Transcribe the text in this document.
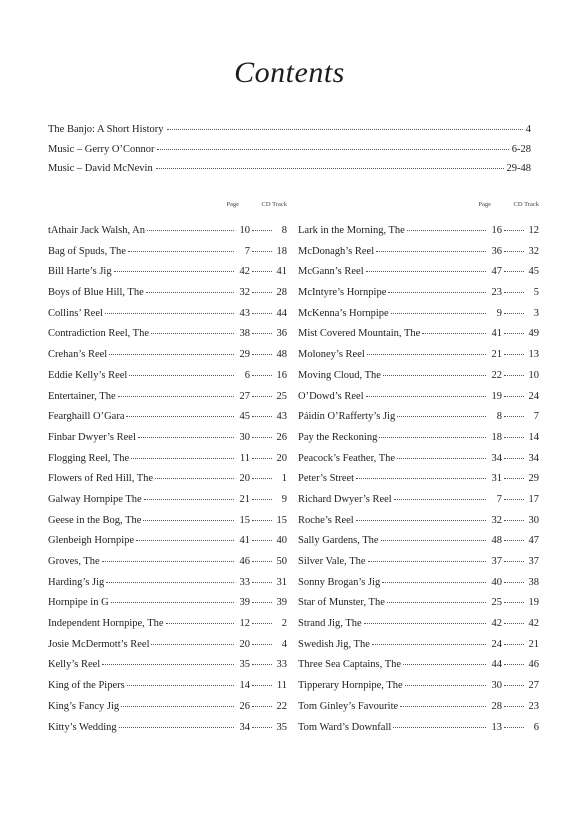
Contents
The Banjo: A Short History	4
Music – Gerry O’Connor	6-28
Music – David McNevin	29-48
Page	CD Track
tAthair Jack Walsh, An	10	8
Bag of Spuds, The	7	18
Bill Harte’s Jig	42	41
Boys of Blue Hill, The	32	28
Collins’ Reel	43	44
Contradiction Reel, The	38	36
Crehan’s Reel	29	48
Eddie Kelly’s Reel	6	16
Entertainer, The	27	25
Fearghaill O’Gara	45	43
Finbar Dwyer’s Reel	30	26
Flogging Reel, The	11	20
Flowers of Red Hill, The	20	1
Galway Hornpipe The	21	9
Geese in the Bog, The	15	15
Glenbeigh Hornpipe	41	40
Groves, The	46	50
Harding’s Jig	33	31
Hornpipe in G	39	39
Independent Hornpipe, The	12	2
Josie McDermott’s Reel	20	4
Kelly’s Reel	35	33
King of the Pipers	14	11
King’s Fancy Jig	26	22
Kitty’s Wedding	34	35
Page	CD Track
Lark in the Morning, The	16	12
McDonagh’s Reel	36	32
McGann’s Reel	47	45
McIntyre’s Hornpipe	23	5
McKenna’s Hornpipe	9	3
Mist Covered Mountain, The	41	49
Moloney’s Reel	21	13
Moving Cloud, The	22	10
O’Dowd’s Reel	19	24
Páidín O’Rafferty’s Jig	8	7
Pay the Reckoning	18	14
Peacock’s Feather, The	34	34
Peter’s Street	31	29
Richard Dwyer’s Reel	7	17
Roche’s Reel	32	30
Sally Gardens, The	48	47
Silver Vale, The	37	37
Sonny Brogan’s Jig	40	38
Star of Munster, The	25	19
Strand Jig, The	42	42
Swedish Jig, The	24	21
Three Sea Captains, The	44	46
Tipperary Hornpipe, The	30	27
Tom Ginley’s Favourite	28	23
Tom Ward’s Downfall	13	6
